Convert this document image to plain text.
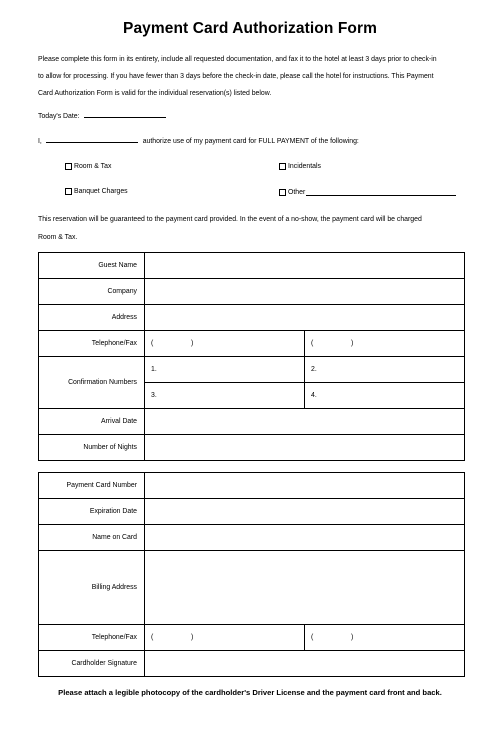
Payment Card Authorization Form

Please complete this form in its entirety, include all requested documentation, and fax it to the hotel at least 3 days prior to check-in

to allow for processing. If you have fewer than 3 days before the check-in date, please call the hotel for instructions. This Payment

Card Authorization Form is valid for the individual reservation(s) listed below.

Today's Date:
I,	authorize use of my payment card for FULL PAYMENT of the following:
Room & Tax	Incidentals
Banquet Charges	Other

This reservation will be guaranteed to the payment card provided. In the event of a no-show, the payment card will be charged

Room & Tax.

Guest Name		
Company		
Address		
Telephone/Fax	( )	( )
Confirmation Numbers	1.	2.
	3.	4.
Arrival Date		
Number of Nights		
Payment Card Number		
Expiration Date		
Name on Card		
Billing Address		
Telephone/Fax	( )	( )
Cardholder Signature		
Please attach a legible photocopy of the cardholder's Driver License and the payment card front and back.
